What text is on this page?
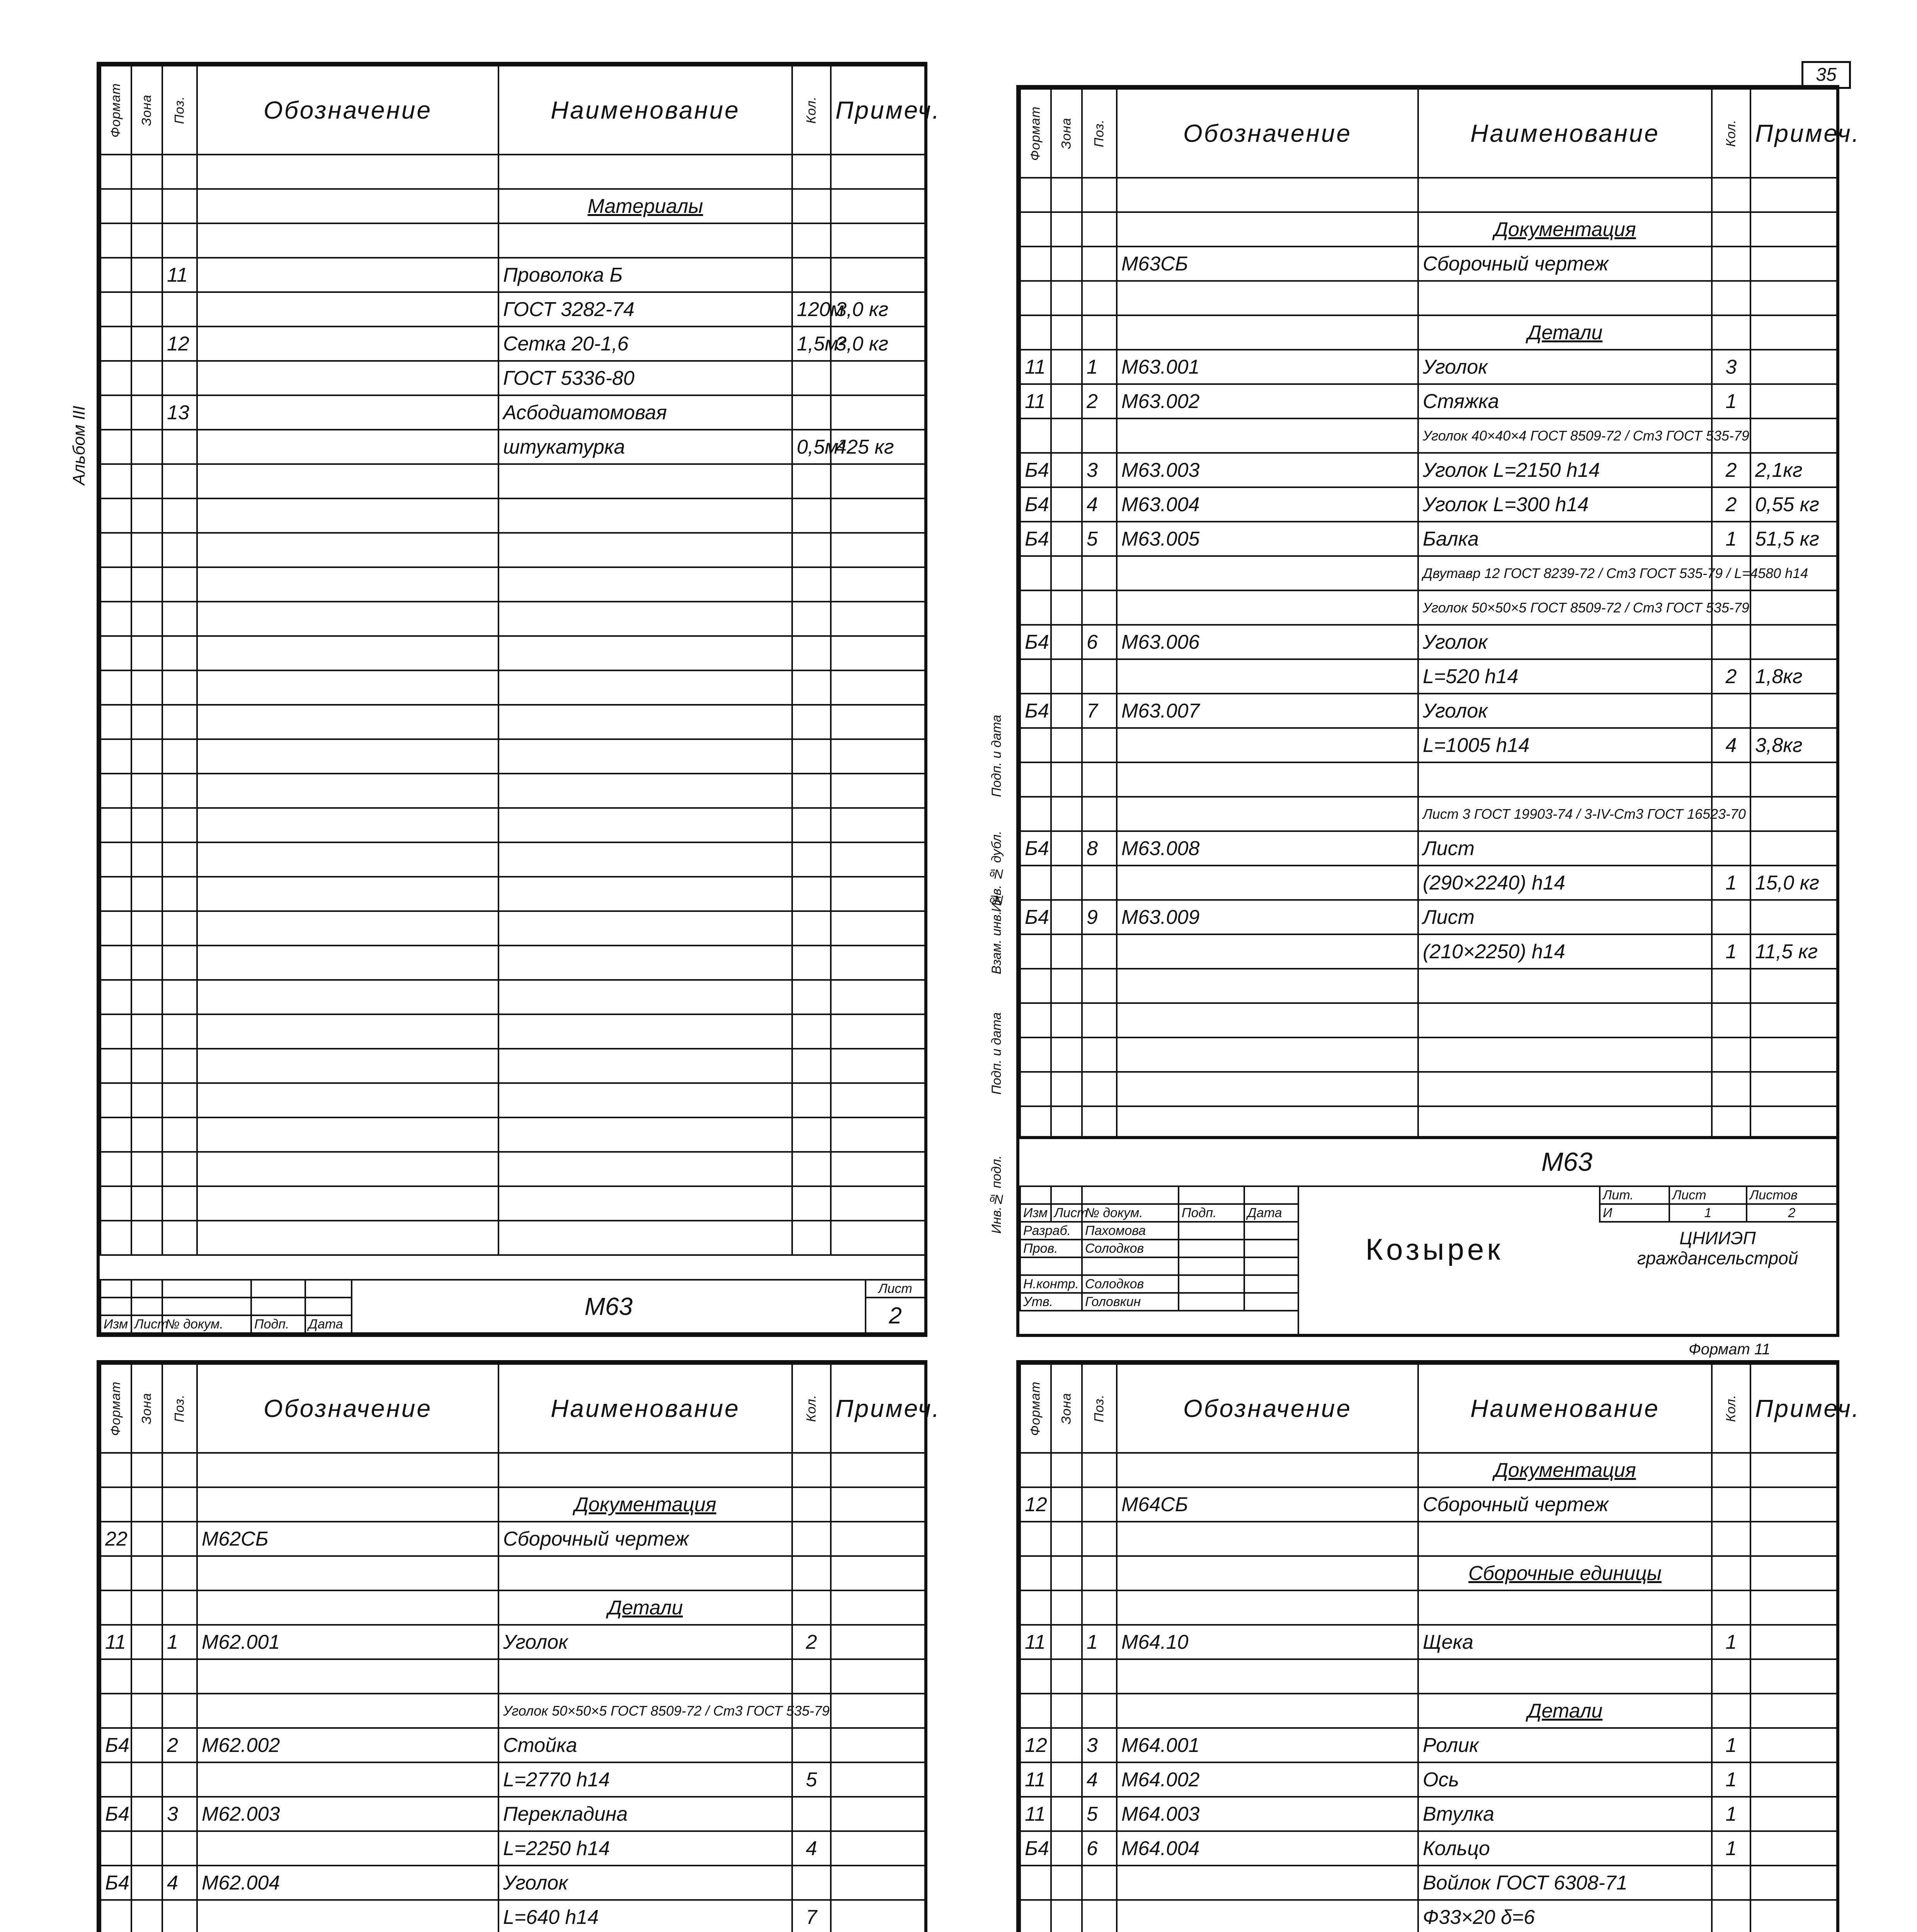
35
Альбом III
Формат	Зона	Поз.	Обозначение	Наименование	Кол.	Примеч.

				Материалы		

		11		Проволока Б		
				ГОСТ 3282-74	120м	3,0 кг
		12		Сетка 20-1,6	1,5м²	3,0 кг
				ГОСТ 5336-80		
		13		Асбодиатомовая		
				штукатурка	0,5м³	425 кг

					М63	Лист
						2
Изм	Лист	№ докум.	Подп.	Дата		
Формат	Зона	Поз.	Обозначение	Наименование	Кол.	Примеч.

				Документация		
			М63СБ	Сборочный чертеж		

				Детали		
11		1	М63.001	Уголок	3	
11		2	М63.002	Стяжка	1	
				Уголок 40×40×4 ГОСТ 8509-72 / Ст3 ГОСТ 535-79		
Б4		3	М63.003	Уголок L=2150 h14	2	2,1кг
Б4		4	М63.004	Уголок L=300 h14	2	0,55 кг
Б4		5	М63.005	Балка	1	51,5 кг
				Двутавр 12 ГОСТ 8239-72 / Ст3 ГОСТ 535-79 / L=4580 h14		
				Уголок 50×50×5 ГОСТ 8509-72 / Ст3 ГОСТ 535-79		
Б4		6	М63.006	Уголок		
				L=520 h14	2	1,8кг
Б4		7	М63.007	Уголок		
				L=1005 h14	4	3,8кг

				Лист 3 ГОСТ 19903-74 / 3-IV-Ст3 ГОСТ 16523-70		
Б4		8	М63.008	Лист		
				(290×2240) h14	1	15,0 кг
Б4		9	М63.009	Лист		
				(210×2250) h14	1	11,5 кг

Изм	Лист	№ докум.	Подп.	Дата
Разраб.		Пахомова		
Пров.		Солодков		

Н.контр.		Солодков		
Утв.		Головкин		
М63
Козырек
Лит.	Лист	Листов
И	1	2
ЦНИИЭП
граждансельстрой
Формат 11
Формат	Зона	Поз.	Обозначение	Наименование	Кол.	Примеч.

				Документация		
22			М62СБ	Сборочный чертеж		

				Детали		
11		1	М62.001	Уголок	2	

				Уголок 50×50×5 ГОСТ 8509-72 / Ст3 ГОСТ 535-79		
Б4		2	М62.002	Стойка		
				L=2770 h14	5	
Б4		3	М62.003	Перекладина		
				L=2250 h14	4	
Б4		4	М62.004	Уголок		
				L=640 h14	7	

Формат	Зона	Поз.	Обозначение	Наименование	Кол.	Примеч.
				Документация		
12			М64СБ	Сборочный чертеж		

				Сборочные единицы		

11		1	М64.10	Щека	1	

				Детали		
12		3	М64.001	Ролик	1	
11		4	М64.002	Ось	1	
11		5	М64.003	Втулка	1	
Б4		6	М64.004	Кольцо	1	
				Войлок ГОСТ 6308-71		
				Ф33×20 δ=6		

Инв.№ подл.
Подп. и дата
Взам. инв. №
Инв. № дубл.
Подп. и дата
